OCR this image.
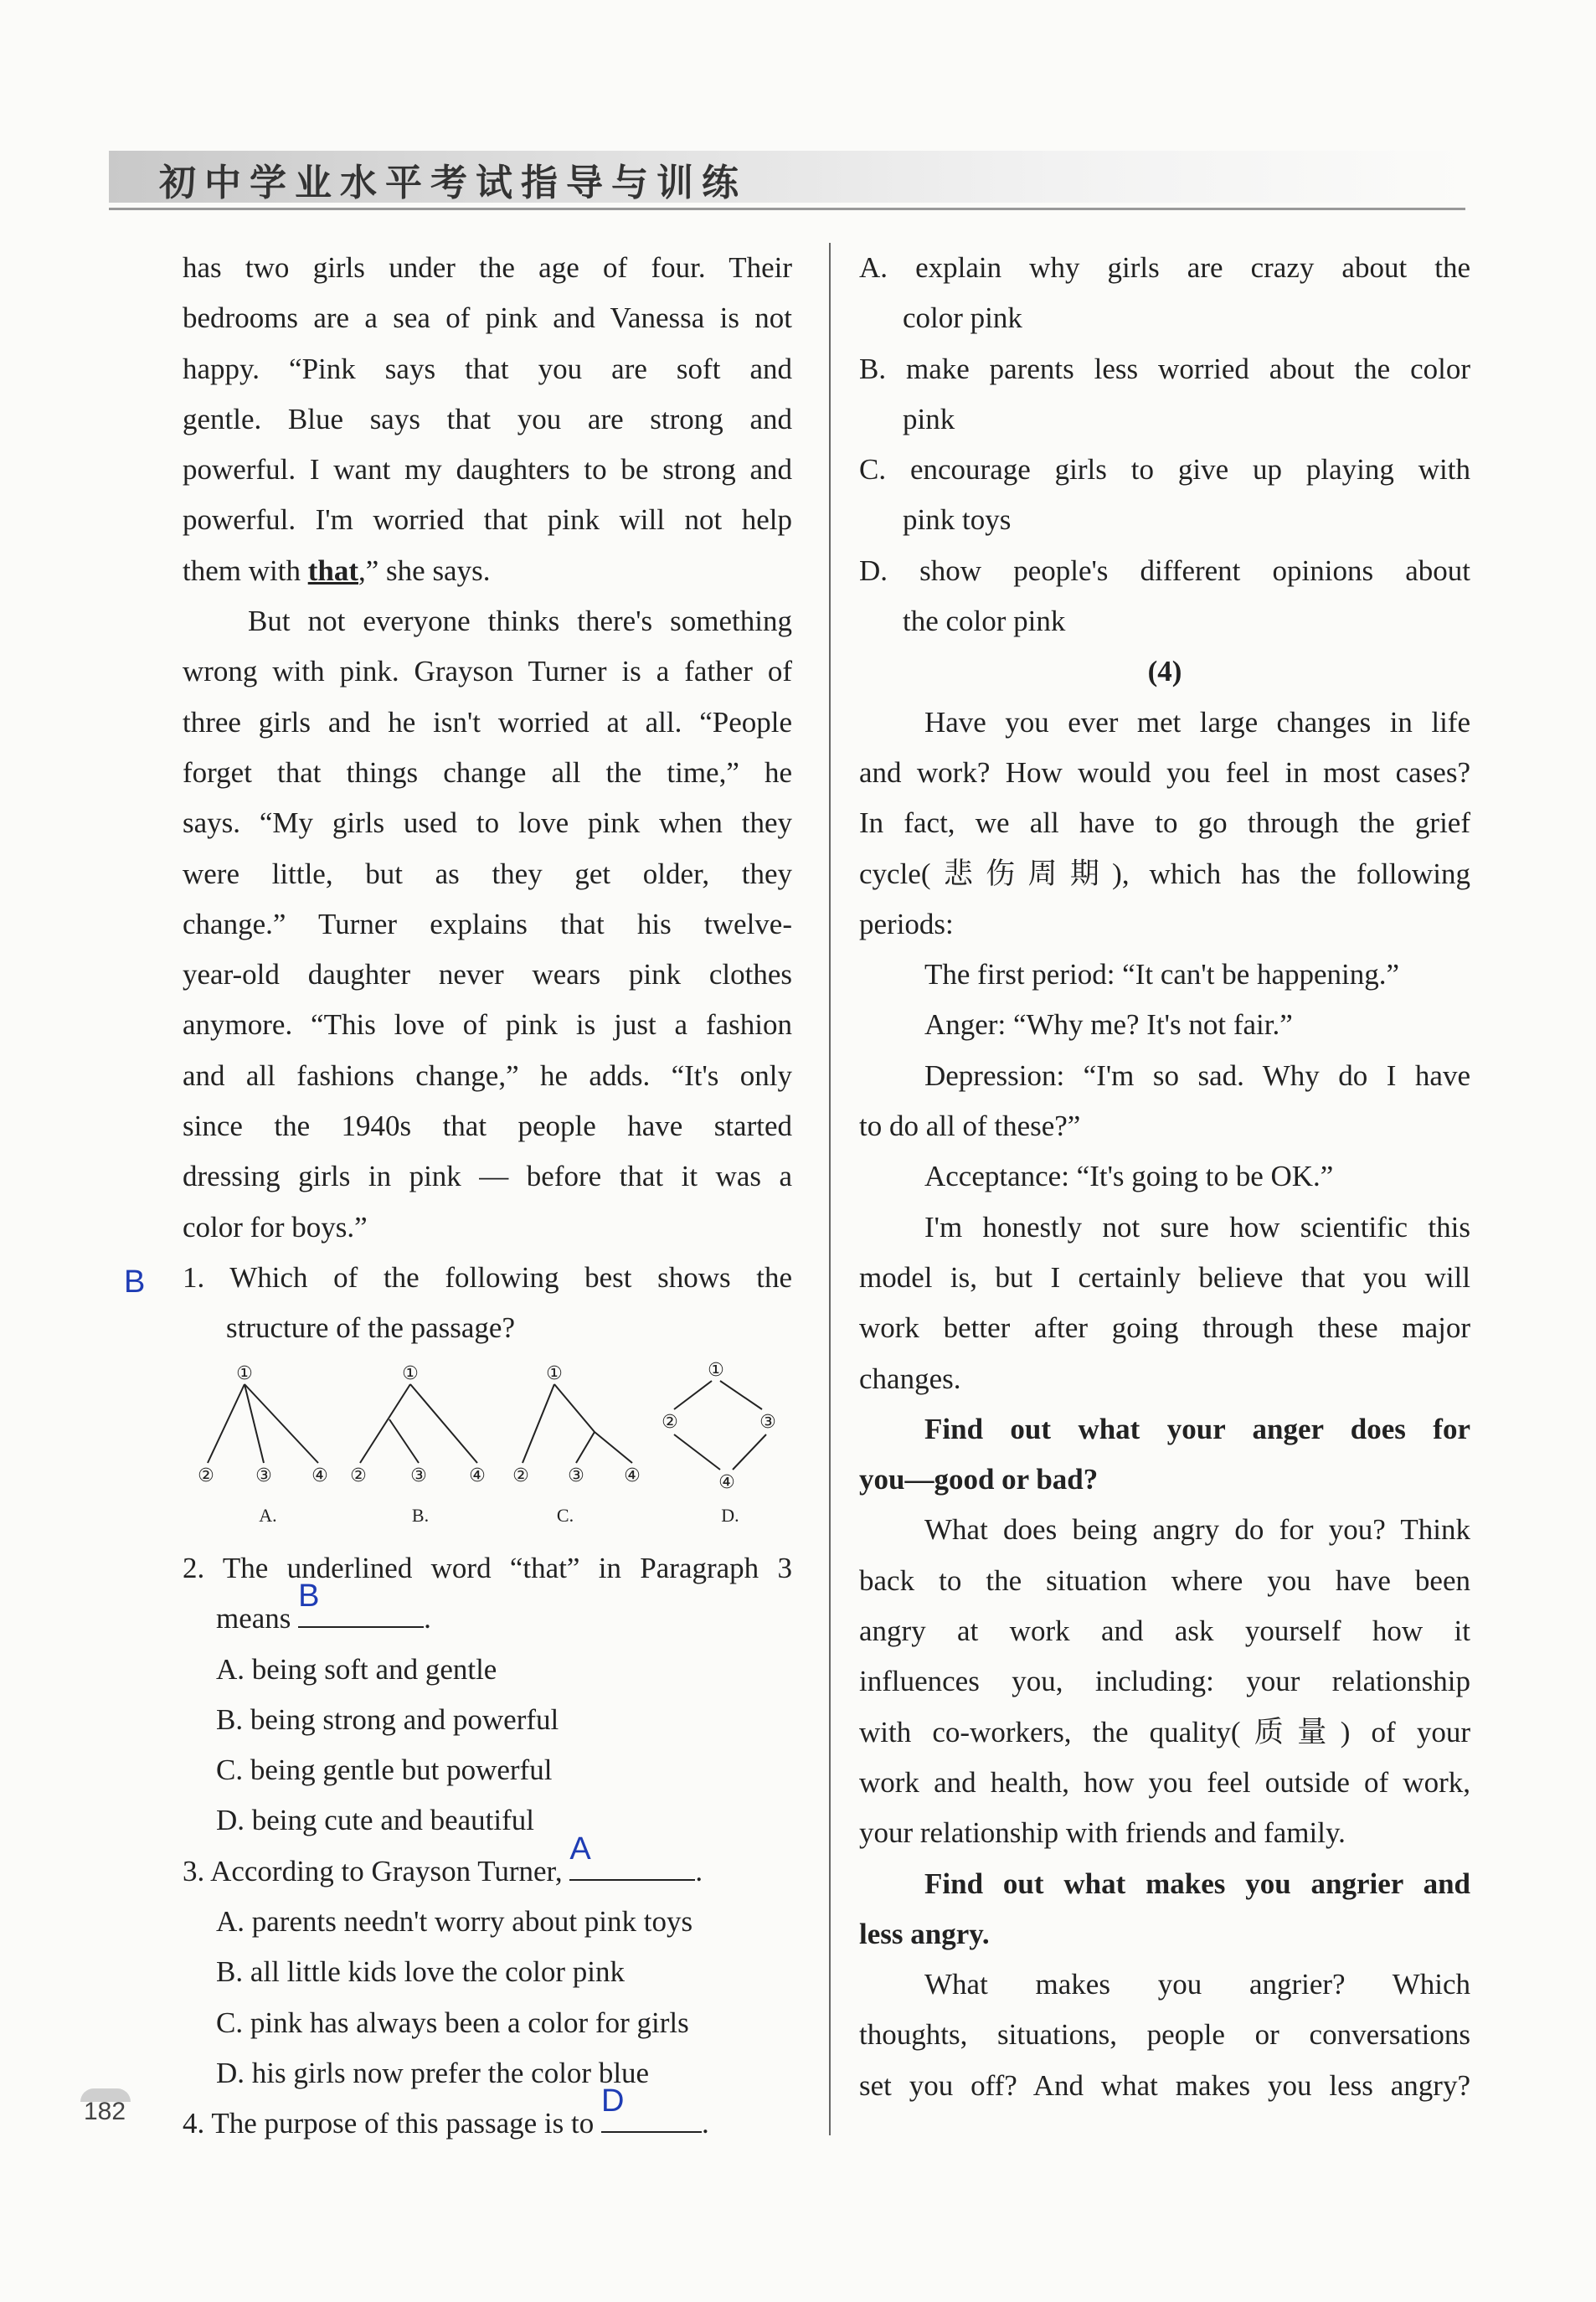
初中学业水平考试指导与训练
B

has two girls under the age of four. Their

bedrooms are a sea of pink and Vanessa is not

happy. “Pink says that you are soft and

gentle. Blue says that you are strong and

powerful. I want my daughters to be strong and

powerful. I'm worried that pink will not help

them with that,” she says.

But not everyone thinks there's something

wrong with pink. Grayson Turner is a father of

three girls and he isn't worried at all. “People

forget that things change all the time,” he

says. “My girls used to love pink when they

were little, but as they get older, they

change.” Turner explains that his twelve-

year-old daughter never wears pink clothes

anymore. “This love of pink is just a fashion

and all fashions change,” he adds. “It's only

since the 1940s that people have started

dressing girls in pink — before that it was a

color for boys.”

1. Which of the following best shows the

structure of the passage?

①
② ③ ④
①
② ③ ④
①
② ③ ④
①
②	③
④
A.	B.	C.	D.

2. The underlined word “that” in Paragraph 3

means
B
.

A. being soft and gentle

B. being strong and powerful

C. being gentle but powerful

D. being cute and beautiful

3. According to Grayson Turner,
A
.

A. parents needn't worry about pink toys

B. all little kids love the color pink

C. pink has always been a color for girls

D. his girls now prefer the color blue

4. The purpose of this passage is to
D
.

A. explain why girls are crazy about the

color pink

B. make parents less worried about the color

pink

C. encourage girls to give up playing with

pink toys

D. show people's different opinions about

the color pink

(4)

Have you ever met large changes in life

and work? How would you feel in most cases?

In fact, we all have to go through the grief

cycle(悲伤周期), which has the following

periods:

The first period: “It can't be happening.”

Anger: “Why me? It's not fair.”

Depression: “I'm so sad. Why do I have

to do all of these?”

Acceptance: “It's going to be OK.”

I'm honestly not sure how scientific this

model is, but I certainly believe that you will

work better after going through these major

changes.

Find out what your anger does for

you—good or bad?

What does being angry do for you? Think

back to the situation where you have been

angry at work and ask yourself how it

influences you, including: your relationship

with co-workers, the quality(质量) of your

work and health, how you feel outside of work,

your relationship with friends and family.

Find out what makes you angrier and

less angry.

What makes you angrier? Which

thoughts, situations, people or conversations

set you off? And what makes you less angry?

182
